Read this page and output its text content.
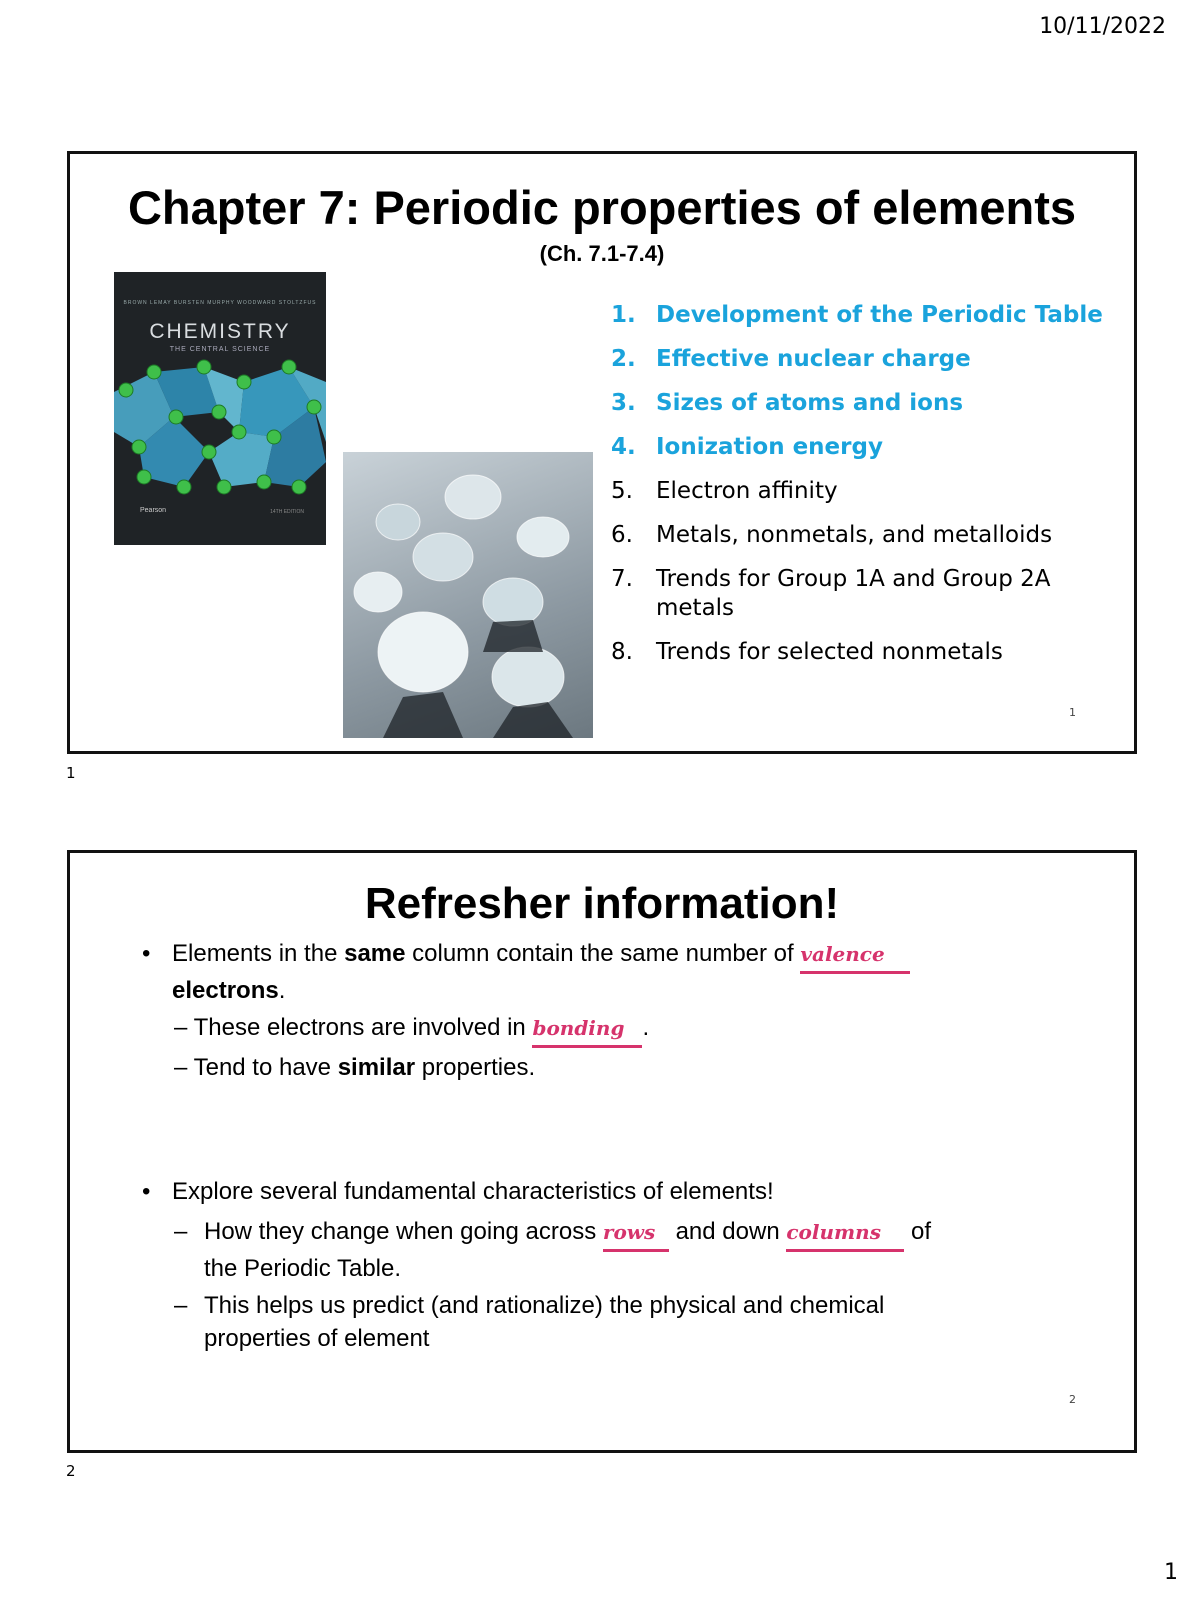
10/11/2022
Chapter 7: Periodic properties of elements
(Ch. 7.1-7.4)
BROWN LEMAY BURSTEN MURPHY WOODWARD STOLTZFUS
CHEMISTRY
THE CENTRAL SCIENCE
Pearson	14TH EDITION
1. Development of the Periodic Table
2. Effective nuclear charge
3. Sizes of atoms and ions
4. Ionization energy
5. Electron affinity
6. Metals, nonmetals, and metalloids
7. Trends for Group 1A and Group 2A metals
8. Trends for selected nonmetals
1
1
Refresher information!
• Elements in the same column contain the same number of valence
electrons.
– These electrons are involved in bonding .
– Tend to have similar properties.
• Explore several fundamental characteristics of elements!
– How they change when going across rows and down columns of
the Periodic Table.
– This helps us predict (and rationalize) the physical and chemical
properties of element
2
2
1
